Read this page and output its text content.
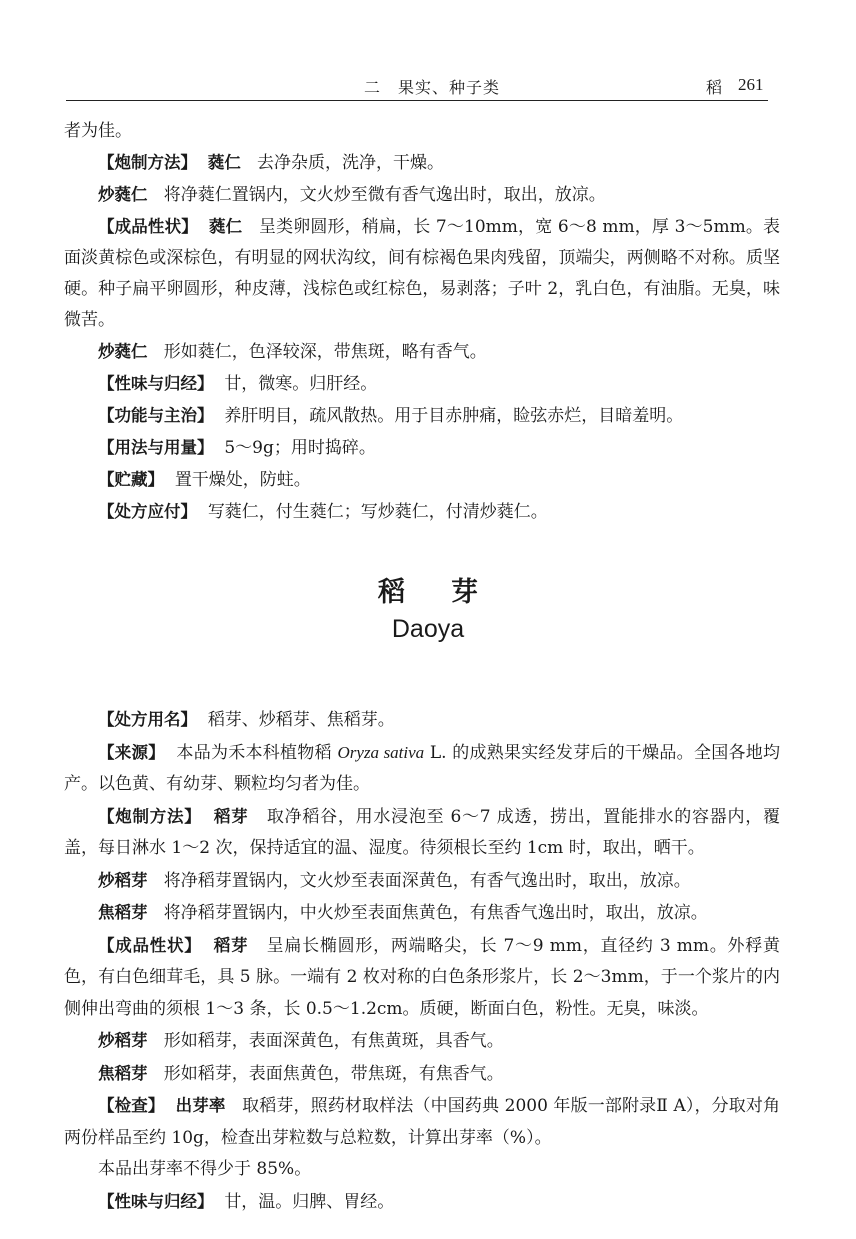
二　果实、种子类	稻 261

者为佳。

【炮制方法】 蕤仁 去净杂质，洗净，干燥。

炒蕤仁 将净蕤仁置锅内，文火炒至微有香气逸出时，取出，放凉。

【成品性状】 蕤仁 呈类卵圆形，稍扁，长 7～10mm，宽 6～8 mm，厚 3～5mm。表面淡黄棕色或深棕色，有明显的网状沟纹，间有棕褐色果肉残留，顶端尖，两侧略不对称。质坚硬。种子扁平卵圆形，种皮薄，浅棕色或红棕色，易剥落；子叶 2，乳白色，有油脂。无臭，味微苦。

炒蕤仁 形如蕤仁，色泽较深，带焦斑，略有香气。

【性味与归经】 甘，微寒。归肝经。

【功能与主治】 养肝明目，疏风散热。用于目赤肿痛，睑弦赤烂，目暗羞明。

【用法与用量】 5～9g；用时捣碎。

【贮藏】 置干燥处，防蛀。

【处方应付】 写蕤仁，付生蕤仁；写炒蕤仁，付清炒蕤仁。

稻芽
Daoya

【处方用名】 稻芽、炒稻芽、焦稻芽。

【来源】 本品为禾本科植物稻 Oryza sativa L. 的成熟果实经发芽后的干燥品。全国各地均产。以色黄、有幼芽、颗粒均匀者为佳。

【炮制方法】 稻芽 取净稻谷，用水浸泡至 6～7 成透，捞出，置能排水的容器内，覆盖，每日淋水 1～2 次，保持适宜的温、湿度。待须根长至约 1cm 时，取出，晒干。

炒稻芽 将净稻芽置锅内，文火炒至表面深黄色，有香气逸出时，取出，放凉。

焦稻芽 将净稻芽置锅内，中火炒至表面焦黄色，有焦香气逸出时，取出，放凉。

【成品性状】 稻芽 呈扁长椭圆形，两端略尖，长 7～9 mm，直径约 3 mm。外稃黄色，有白色细茸毛，具 5 脉。一端有 2 枚对称的白色条形浆片，长 2～3mm，于一个浆片的内侧伸出弯曲的须根 1～3 条，长 0.5～1.2cm。质硬，断面白色，粉性。无臭，味淡。

炒稻芽 形如稻芽，表面深黄色，有焦黄斑，具香气。

焦稻芽 形如稻芽，表面焦黄色，带焦斑，有焦香气。

【检查】 出芽率 取稻芽，照药材取样法（中国药典 2000 年版一部附录Ⅱ A），分取对角两份样品至约 10g，检查出芽粒数与总粒数，计算出芽率（%）。

本品出芽率不得少于 85%。

【性味与归经】 甘，温。归脾、胃经。
